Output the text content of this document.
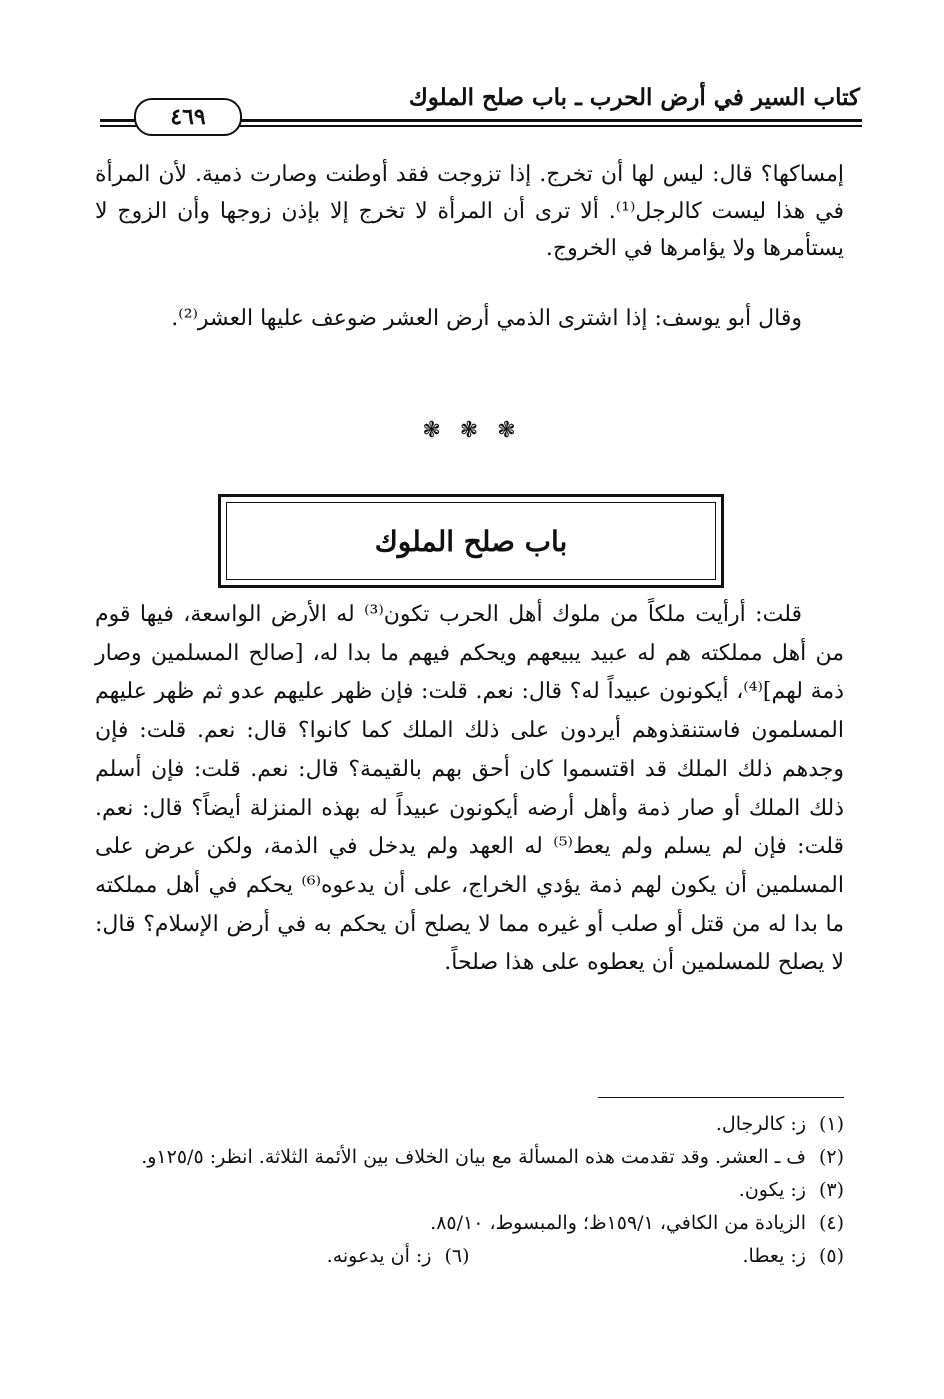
كتاب السير في أرض الحرب ـ باب صلح الملوك
٤٦٩

إمساكها؟ قال: ليس لها أن تخرج. إذا تزوجت فقد أوطنت وصارت ذمية. لأن المرأة في هذا ليست كالرجل⁽¹⁾. ألا ترى أن المرأة لا تخرج إلا بإذن زوجها وأن الزوج لا يستأمرها ولا يؤامرها في الخروج.

وقال أبو يوسف: إذا اشترى الذمي أرض العشر ضوعف عليها العشر⁽²⁾.

❃ ❃ ❃
باب صلح الملوك

قلت: أرأيت ملكاً من ملوك أهل الحرب تكون⁽³⁾ له الأرض الواسعة، فيها قوم من أهل مملكته هم له عبيد يبيعهم ويحكم فيهم ما بدا له، [صالح المسلمين وصار ذمة لهم]⁽⁴⁾، أيكونون عبيداً له؟ قال: نعم. قلت: فإن ظهر عليهم عدو ثم ظهر عليهم المسلمون فاستنقذوهم أيردون على ذلك الملك كما كانوا؟ قال: نعم. قلت: فإن وجدهم ذلك الملك قد اقتسموا كان أحق بهم بالقيمة؟ قال: نعم. قلت: فإن أسلم ذلك الملك أو صار ذمة وأهل أرضه أيكونون عبيداً له بهذه المنزلة أيضاً؟ قال: نعم. قلت: فإن لم يسلم ولم يعط⁽⁵⁾ له العهد ولم يدخل في الذمة، ولكن عرض على المسلمين أن يكون لهم ذمة يؤدي الخراج، على أن يدعوه⁽⁶⁾ يحكم في أهل مملكته ما بدا له من قتل أو صلب أو غيره مما لا يصلح أن يحكم به في أرض الإسلام؟ قال: لا يصلح للمسلمين أن يعطوه على هذا صلحاً.

(١)
ز: كالرجال.
(٢)
ف ـ العشر. وقد تقدمت هذه المسألة مع بيان الخلاف بين الأئمة الثلاثة. انظر: ١٢٥/٥و.
(٣)
ز: يكون.
(٤)
الزيادة من الكافي، ١٥٩/١ظ؛ والمبسوط، ٨٥/١٠.
(٥)
ز: يعطا.
(٦)
ز: أن يدعونه.
